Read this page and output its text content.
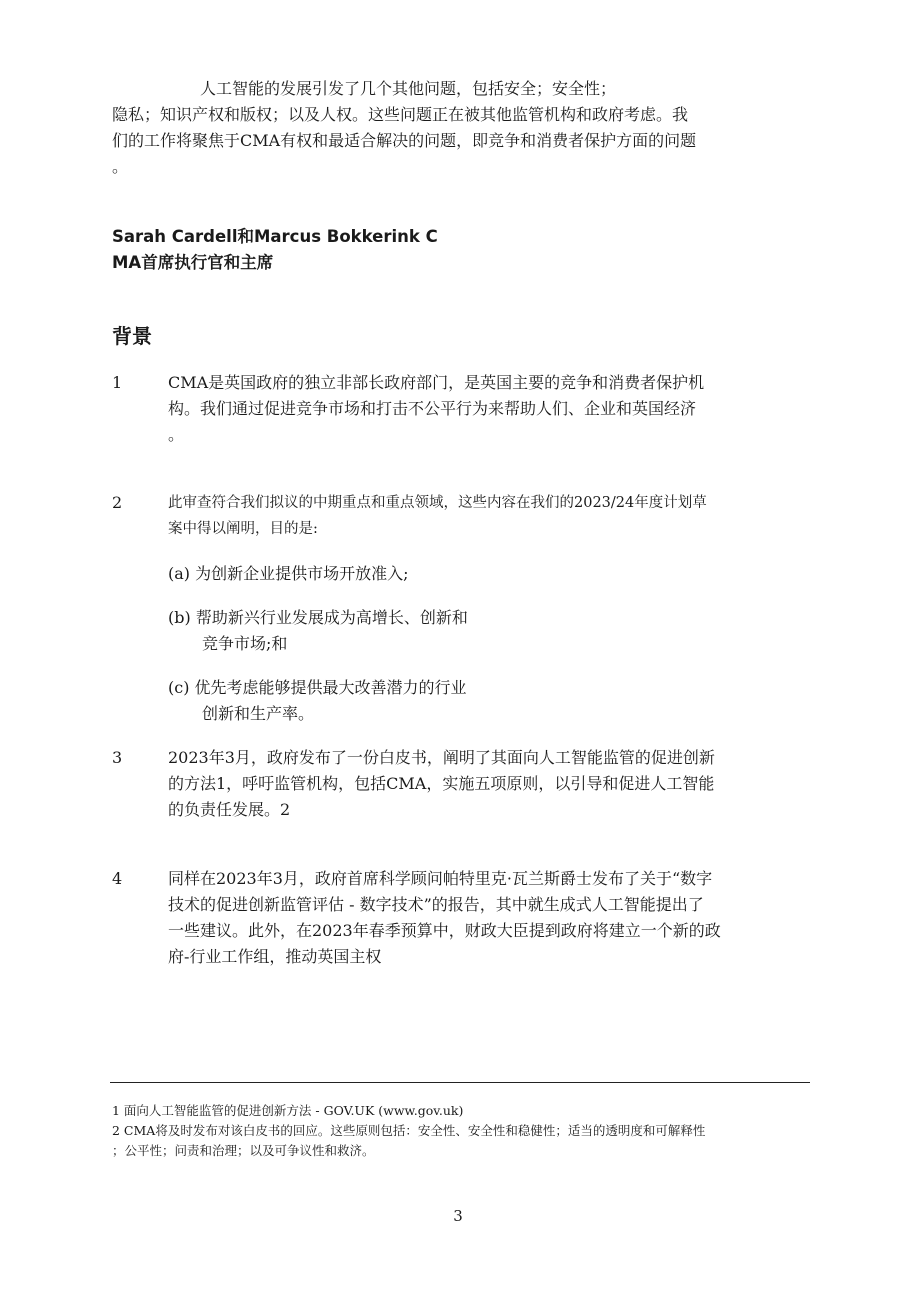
人工智能的发展引发了几个其他问题，包括安全；安全性；
隐私；知识产权和版权；以及人权。这些问题正在被其他监管机构和政府考虑。我
们的工作将聚焦于CMA有权和最适合解决的问题，即竞争和消费者保护方面的问题
。
Sarah Cardell和Marcus Bokkerink C
MA首席执行官和主席
背景
1	CMA是英国政府的独立非部长政府部门，是英国主要的竞争和消费者保护机
构。我们通过促进竞争市场和打击不公平行为来帮助人们、企业和英国经济
。
2	此审查符合我们拟议的中期重点和重点领域，这些内容在我们的2023/24年度计划草
案中得以阐明，目的是:
(a) 为创新企业提供市场开放准入;
(b) 帮助新兴行业发展成为高增长、创新和
竞争市场;和
(c) 优先考虑能够提供最大改善潜力的行业
创新和生产率。
3	2023年3月，政府发布了一份白皮书，阐明了其面向人工智能监管的促进创新
的方法1，呼吁监管机构，包括CMA，实施五项原则，以引导和促进人工智能
的负责任发展。2
4	同样在2023年3月，政府首席科学顾问帕特里克·瓦兰斯爵士发布了关于“数字
技术的促进创新监管评估 - 数字技术”的报告，其中就生成式人工智能提出了
一些建议。此外，在2023年春季预算中，财政大臣提到政府将建立一个新的政
府-行业工作组，推动英国主权
1 面向人工智能监管的促进创新方法 - GOV.UK (www.gov.uk)
2 CMA将及时发布对该白皮书的回应。这些原则包括：安全性、安全性和稳健性；适当的透明度和可解释性
；公平性；问责和治理；以及可争议性和救济。
3
